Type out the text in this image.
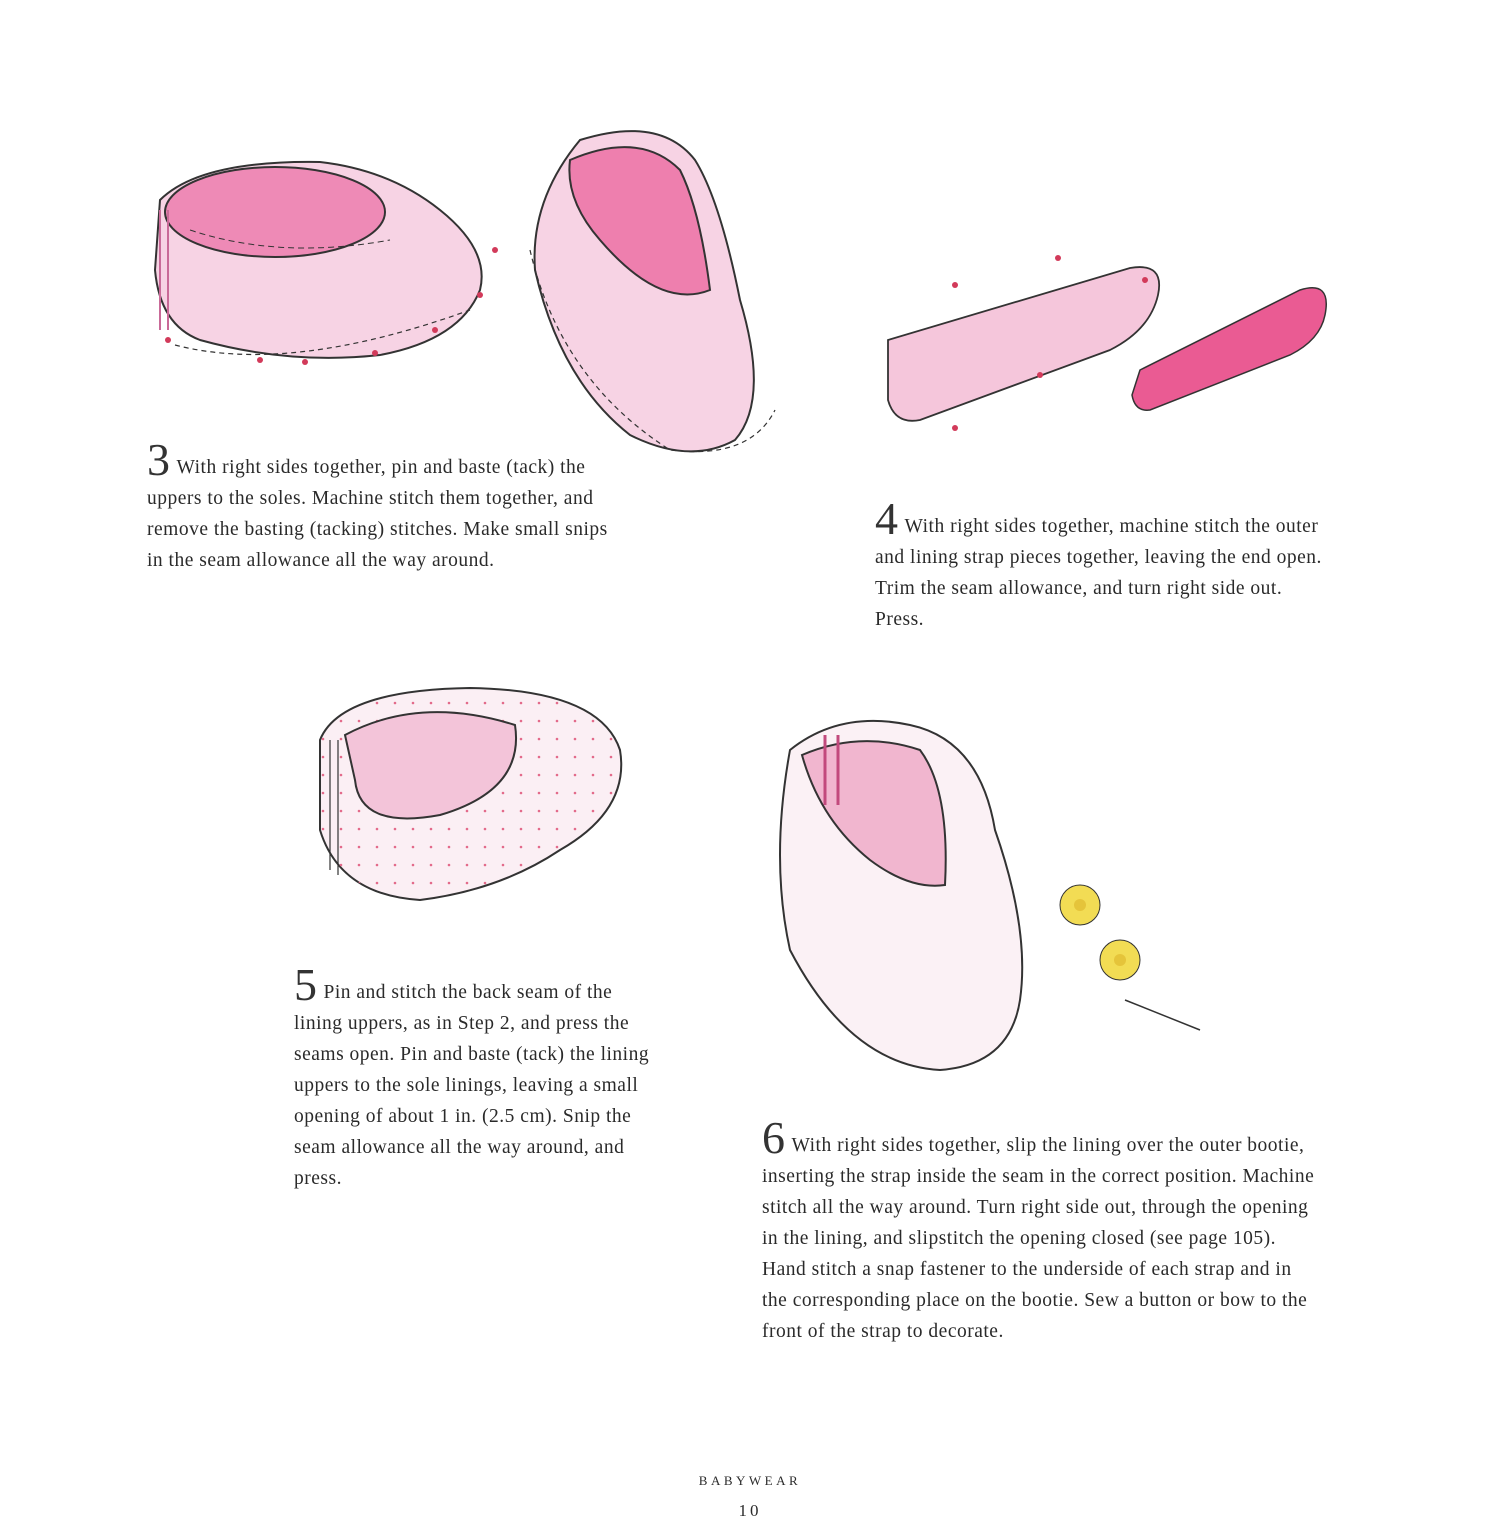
3 With right sides together, pin and baste (tack) the uppers to the soles. Machine stitch them together, and remove the basting (tacking) stitches. Make small snips in the seam allowance all the way around.
4 With right sides together, machine stitch the outer and lining strap pieces together, leaving the end open. Trim the seam allowance, and turn right side out. Press.
5 Pin and stitch the back seam of the lining uppers, as in Step 2, and press the seams open. Pin and baste (tack) the lining uppers to the sole linings, leaving a small opening of about 1 in. (2.5 cm). Snip the seam allowance all the way around, and press.
6 With right sides together, slip the lining over the outer bootie, inserting the strap inside the seam in the correct position. Machine stitch all the way around. Turn right side out, through the opening in the lining, and slipstitch the opening closed (see page 105). Hand stitch a snap fastener to the underside of each strap and in the corresponding place on the bootie. Sew a button or bow to the front of the strap to decorate.
BABYWEAR
10
